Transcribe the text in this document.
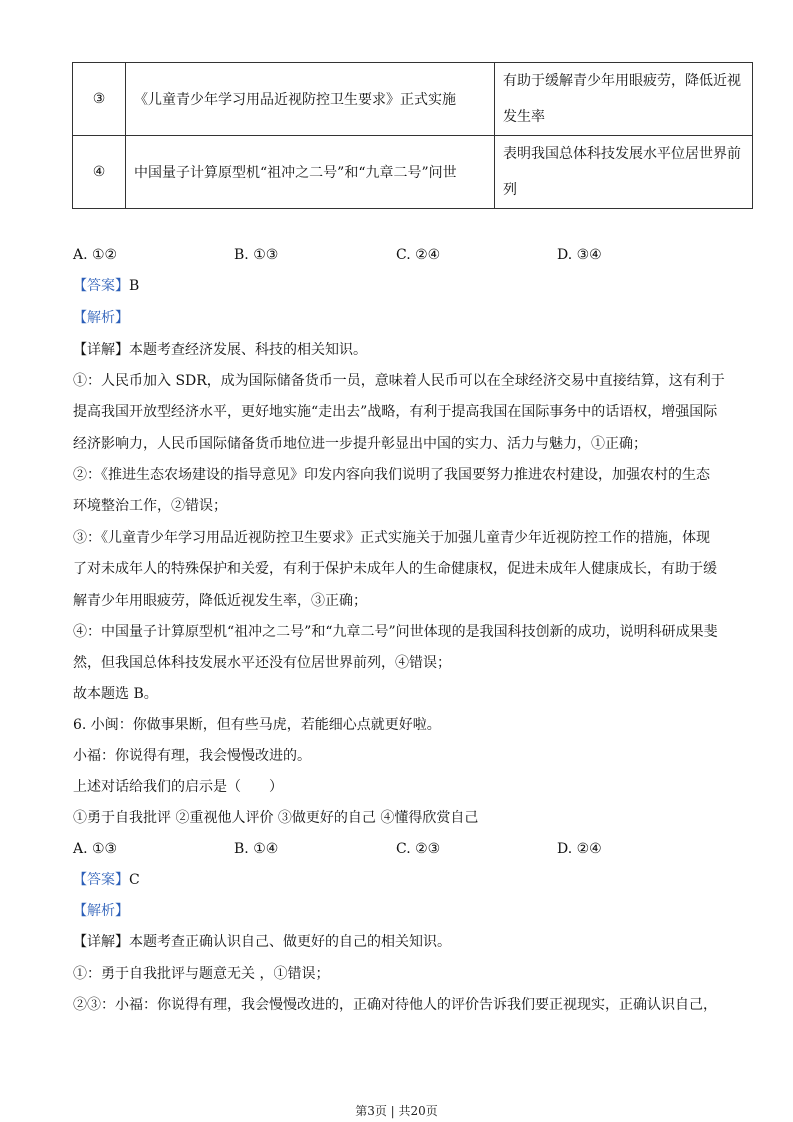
③	《儿童青少年学习用品近视防控卫生要求》正式实施	有助于缓解青少年用眼疲劳，降低近视发生率
④	中国量子计算原型机“祖冲之二号”和“九章二号”问世	表明我国总体科技发展水平位居世界前列
A. ①②	B. ①③	C. ②④	D. ③④
【答案】B
【解析】
【详解】本题考查经济发展、科技的相关知识。
①：人民币加入 SDR，成为国际储备货币一员，意味着人民币可以在全球经济交易中直接结算，这有利于
提高我国开放型经济水平，更好地实施“走出去”战略，有利于提高我国在国际事务中的话语权，增强国际
经济影响力，人民币国际储备货币地位进一步提升彰显出中国的实力、活力与魅力，①正确；
②：《推进生态农场建设的指导意见》印发内容向我们说明了我国要努力推进农村建设，加强农村的生态
环境整治工作，②错误；
③：《儿童青少年学习用品近视防控卫生要求》正式实施关于加强儿童青少年近视防控工作的措施，体现
了对未成年人的特殊保护和关爱，有利于保护未成年人的生命健康权，促进未成年人健康成长，有助于缓
解青少年用眼疲劳，降低近视发生率，③正确；
④：中国量子计算原型机“祖冲之二号”和“九章二号”问世体现的是我国科技创新的成功，说明科研成果斐
然，但我国总体科技发展水平还没有位居世界前列，④错误；
故本题选 B。
6. 小闽：你做事果断，但有些马虎，若能细心点就更好啦。
小福：你说得有理，我会慢慢改进的。
上述对话给我们的启示是（　　）
①勇于自我批评 ②重视他人评价 ③做更好的自己 ④懂得欣赏自己
A. ①③	B. ①④	C. ②③	D. ②④
【答案】C
【解析】
【详解】本题考查正确认识自己、做更好的自己的相关知识。
①：勇于自我批评与题意无关 ，①错误；
②③：小福：你说得有理，我会慢慢改进的，正确对待他人的评价告诉我们要正视现实，正确认识自己，
第3页 | 共20页
